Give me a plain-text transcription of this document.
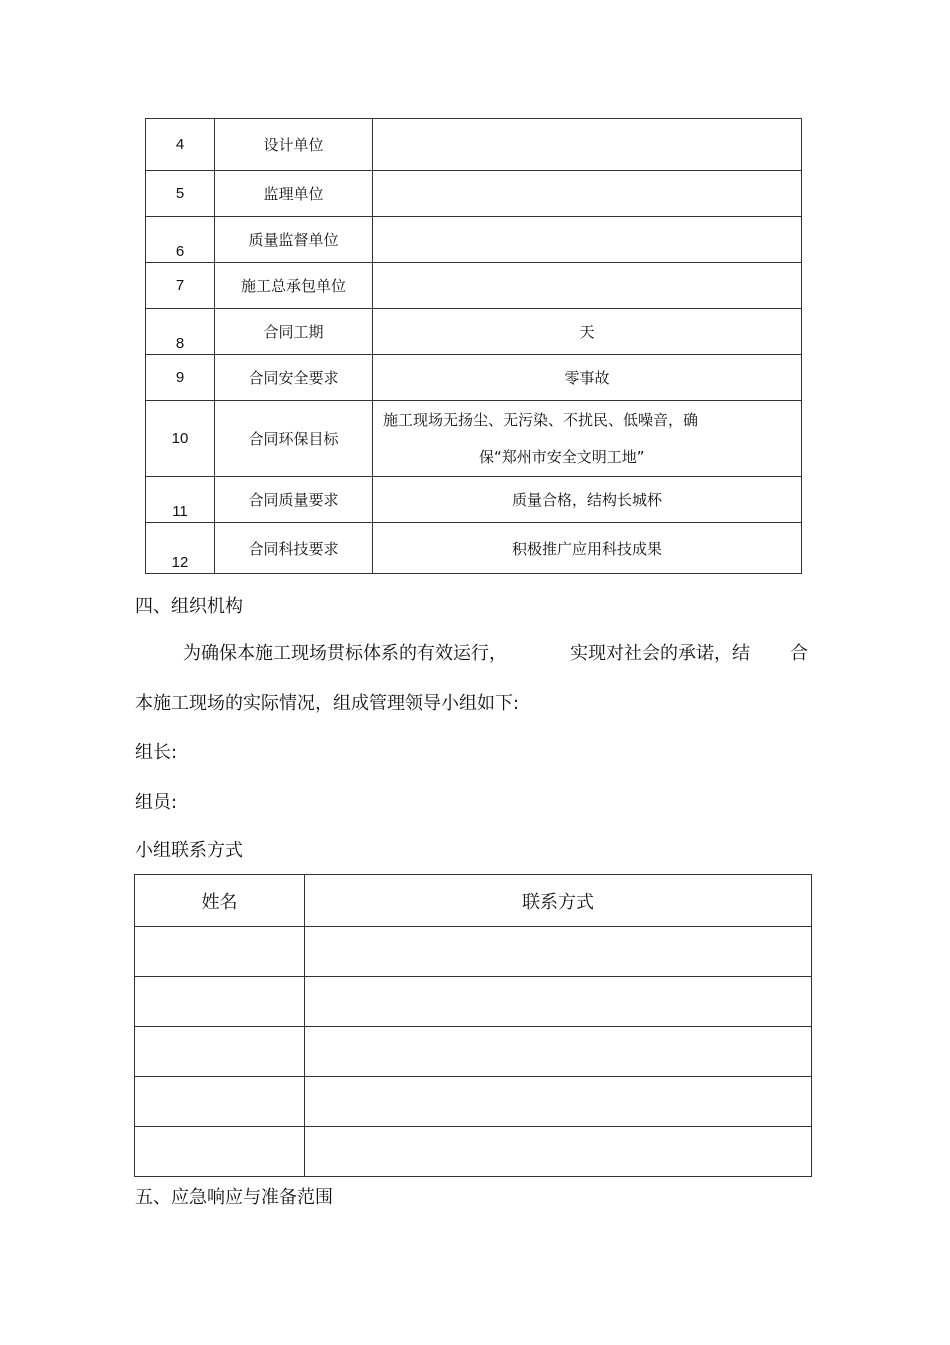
4	设计单位	
5	监理单位	
6	质量监督单位	
7	施工总承包单位	
8	合同工期	天
9	合同安全要求	零事故
10	合同环保目标	施工现场无扬尘、无污染、不扰民、低噪音，确
保“郑州市安全文明工地”

11	合同质量要求	质量合格，结构长城杯
12	合同科技要求	积极推广应用科技成果
四、组织机构
为确保本施工现场贯标体系的有效运行，	实现对社会的承诺，结 合
本施工现场的实际情况，组成管理领导小组如下:
组长:
组员:
小组联系方式
姓名	联系方式

五、应急响应与准备范围
